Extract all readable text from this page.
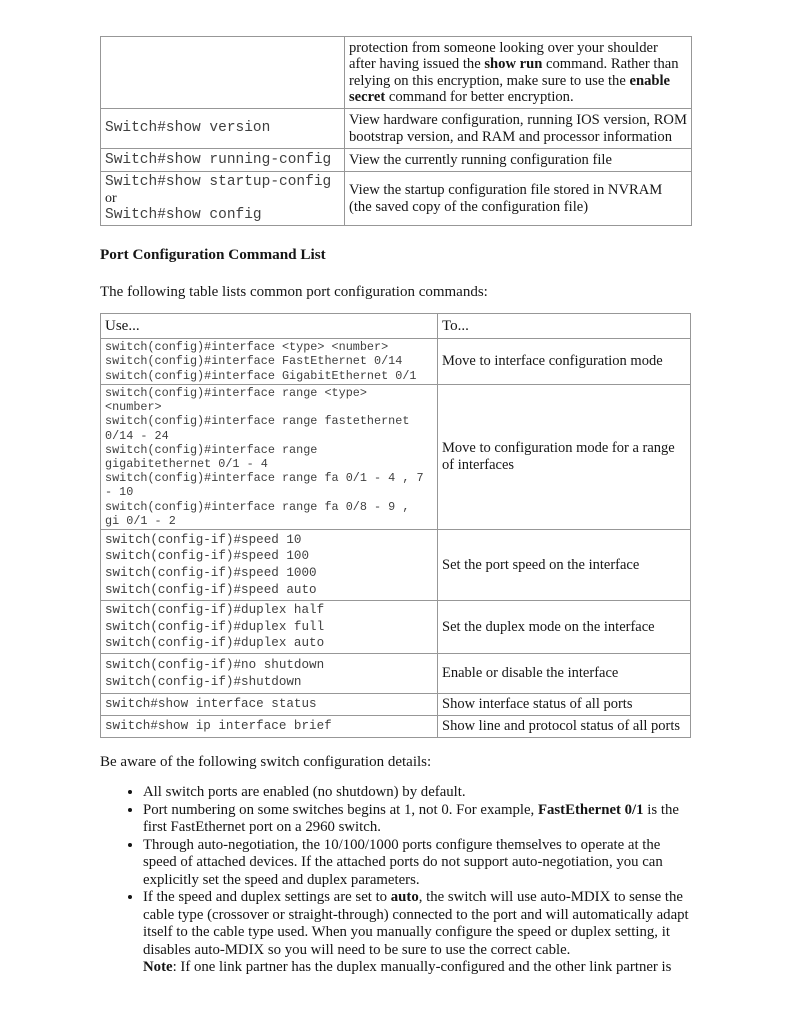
	protection from someone looking over your shoulder
after having issued the show run command. Rather than
relying on this encryption, make sure to use the enable
secret command for better encryption.
Switch#show version	View hardware configuration, running IOS version, ROM
bootstrap version, and RAM and processor information
Switch#show running-config	View the currently running configuration file

Switch#show startup-config
or
Switch#show config	View the startup configuration file stored in NVRAM
(the saved copy of the configuration file)
Port Configuration Command List
The following table lists common port configuration commands:
Use...	To...
switch(config)#interface <type> <number>
switch(config)#interface FastEthernet 0/14
switch(config)#interface GigabitEthernet 0/1	Move to interface configuration mode
switch(config)#interface range <type>
<number>
switch(config)#interface range fastethernet
0/14 - 24
switch(config)#interface range
gigabitethernet 0/1 - 4
switch(config)#interface range fa 0/1 - 4 , 7
- 10
switch(config)#interface range fa 0/8 - 9 ,
gi 0/1 - 2	Move to configuration mode for a range
of interfaces
switch(config-if)#speed 10
switch(config-if)#speed 100
switch(config-if)#speed 1000
switch(config-if)#speed auto	Set the port speed on the interface
switch(config-if)#duplex half
switch(config-if)#duplex full
switch(config-if)#duplex auto	Set the duplex mode on the interface
switch(config-if)#no shutdown
switch(config-if)#shutdown	Enable or disable the interface
switch#show interface status	Show interface status of all ports
switch#show ip interface brief	Show line and protocol status of all ports
Be aware of the following switch configuration details:
• All switch ports are enabled (no shutdown) by default.
• Port numbering on some switches begins at 1, not 0. For example, FastEthernet 0/1 is the
first FastEthernet port on a 2960 switch.
• Through auto-negotiation, the 10/100/1000 ports configure themselves to operate at the
speed of attached devices. If the attached ports do not support auto-negotiation, you can
explicitly set the speed and duplex parameters.
• If the speed and duplex settings are set to auto, the switch will use auto-MDIX to sense the
cable type (crossover or straight-through) connected to the port and will automatically adapt
itself to the cable type used. When you manually configure the speed or duplex setting, it
disables auto-MDIX so you will need to be sure to use the correct cable.
Note: If one link partner has the duplex manually-configured and the other link partner is
